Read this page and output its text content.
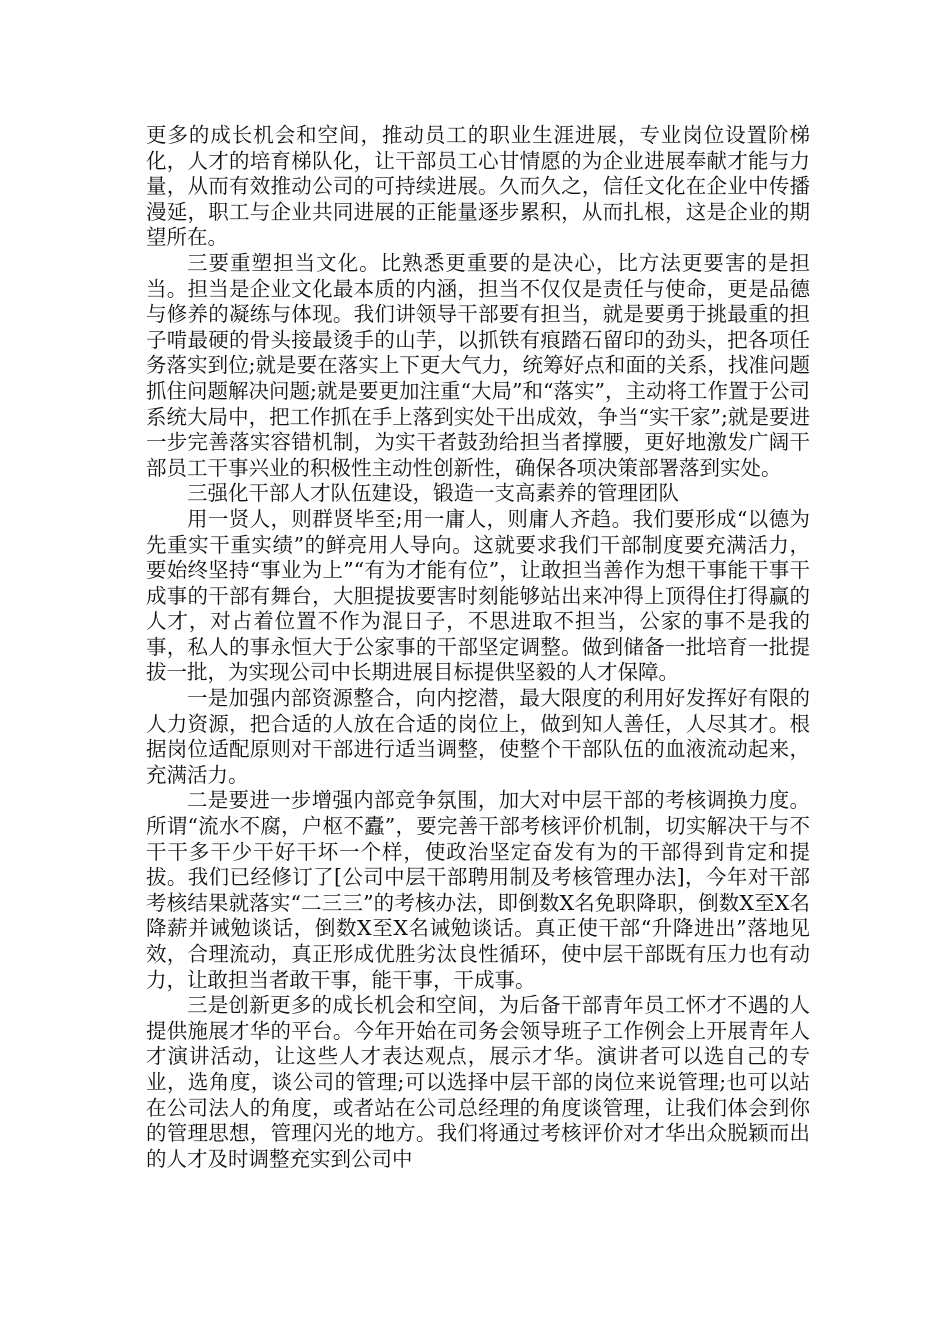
更多的成长机会和空间，推动员工的职业生涯进展，专业岗位设置阶梯化，人才的培育梯队化，让干部员工心甘情愿的为企业进展奉献才能与力量，从而有效推动公司的可持续进展。久而久之，信任文化在企业中传播漫延，职工与企业共同进展的正能量逐步累积，从而扎根，这是企业的期望所在。

三要重塑担当文化。比熟悉更重要的是决心，比方法更要害的是担当。担当是企业文化最本质的内涵，担当不仅仅是责任与使命，更是品德与修养的凝练与体现。我们讲领导干部要有担当，就是要勇于挑最重的担子啃最硬的骨头接最烫手的山芋，以抓铁有痕踏石留印的劲头，把各项任务落实到位;就是要在落实上下更大气力，统筹好点和面的关系，找准问题抓住问题解决问题;就是要更加注重“大局”和“落实”，主动将工作置于公司系统大局中，把工作抓在手上落到实处干出成效，争当“实干家”;就是要进一步完善落实容错机制，为实干者鼓劲给担当者撑腰，更好地激发广阔干部员工干事兴业的积极性主动性创新性，确保各项决策部署落到实处。

三强化干部人才队伍建设，锻造一支高素养的管理团队

用一贤人，则群贤毕至;用一庸人，则庸人齐趋。我们要形成“以德为先重实干重实绩”的鲜亮用人导向。这就要求我们干部制度要充满活力，要始终坚持“事业为上”“有为才能有位”，让敢担当善作为想干事能干事干成事的干部有舞台，大胆提拔要害时刻能够站出来冲得上顶得住打得赢的人才，对占着位置不作为混日子，不思进取不担当，公家的事不是我的事，私人的事永恒大于公家事的干部坚定调整。做到储备一批培育一批提拔一批，为实现公司中长期进展目标提供坚毅的人才保障。

一是加强内部资源整合，向内挖潜，最大限度的利用好发挥好有限的人力资源，把合适的人放在合适的岗位上，做到知人善任，人尽其才。根据岗位适配原则对干部进行适当调整，使整个干部队伍的血液流动起来，充满活力。

二是要进一步增强内部竞争氛围，加大对中层干部的考核调换力度。所谓“流水不腐，户枢不蠹”，要完善干部考核评价机制，切实解决干与不干干多干少干好干坏一个样，使政治坚定奋发有为的干部得到肯定和提拔。我们已经修订了[公司中层干部聘用制及考核管理办法]，今年对干部考核结果就落实“二三三”的考核办法，即倒数X名免职降职，倒数X至X名降薪并诫勉谈话，倒数X至X名诫勉谈话。真正使干部“升降进出”落地见效，合理流动，真正形成优胜劣汰良性循环，使中层干部既有压力也有动力，让敢担当者敢干事，能干事，干成事。

三是创新更多的成长机会和空间，为后备干部青年员工怀才不遇的人提供施展才华的平台。今年开始在司务会领导班子工作例会上开展青年人才演讲活动，让这些人才表达观点，展示才华。演讲者可以选自己的专业，选角度，谈公司的管理;可以选择中层干部的岗位来说管理;也可以站在公司法人的角度，或者站在公司总经理的角度谈管理，让我们体会到你的管理思想，管理闪光的地方。我们将通过考核评价对才华出众脱颖而出的人才及时调整充实到公司中
